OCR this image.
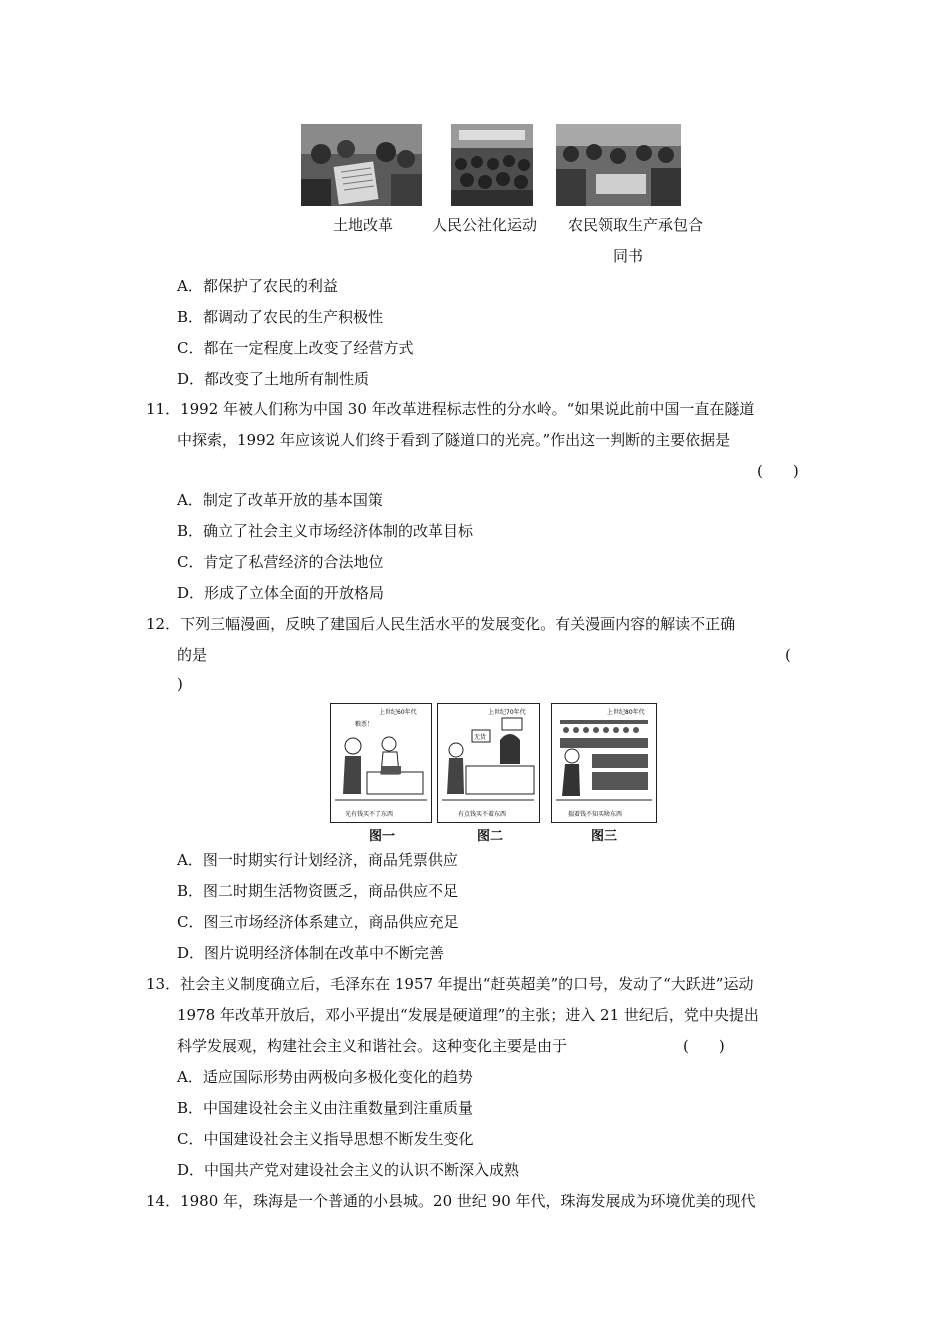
土地改革	人民公社化运动 农民领取生产承包合
同书
A．都保护了农民的利益
B．都调动了农民的生产积极性
C．都在一定程度上改变了经营方式
D．都改变了土地所有制性质
11．1992 年被人们称为中国 30 年改革进程标志性的分水岭。“如果说此前中国一直在隧道
中探索，1992 年应该说人们终于看到了隧道口的光亮。”作出这一判断的主要依据是
(　　)
A．制定了改革开放的基本国策
B．确立了社会主义市场经济体制的改革目标
C．肯定了私营经济的合法地位
D．形成了立体全面的开放格局
12．下列三幅漫画，反映了建国后人民生活水平的发展变化。有关漫画内容的解读不正确
的是	(
)
上世纪60年代
粮票！
光有钱买不了东西
上世纪70年代
无货
有点钱买不着东西
上世纪80年代
揣着钱不知买啥东西
图一	图二	图三
A．图一时期实行计划经济，商品凭票供应
B．图二时期生活物资匮乏，商品供应不足
C．图三市场经济体系建立，商品供应充足
D．图片说明经济体制在改革中不断完善
13．社会主义制度确立后，毛泽东在 1957 年提出“赶英超美”的口号，发动了“大跃进”运动
1978 年改革开放后，邓小平提出“发展是硬道理”的主张；进入 21 世纪后，党中央提出
科学发展观，构建社会主义和谐社会。这种变化主要是由于	(　　)
A．适应国际形势由两极向多极化变化的趋势
B．中国建设社会主义由注重数量到注重质量
C．中国建设社会主义指导思想不断发生变化
D．中国共产党对建设社会主义的认识不断深入成熟
14．1980 年，珠海是一个普通的小县城。20 世纪 90 年代，珠海发展成为环境优美的现代
